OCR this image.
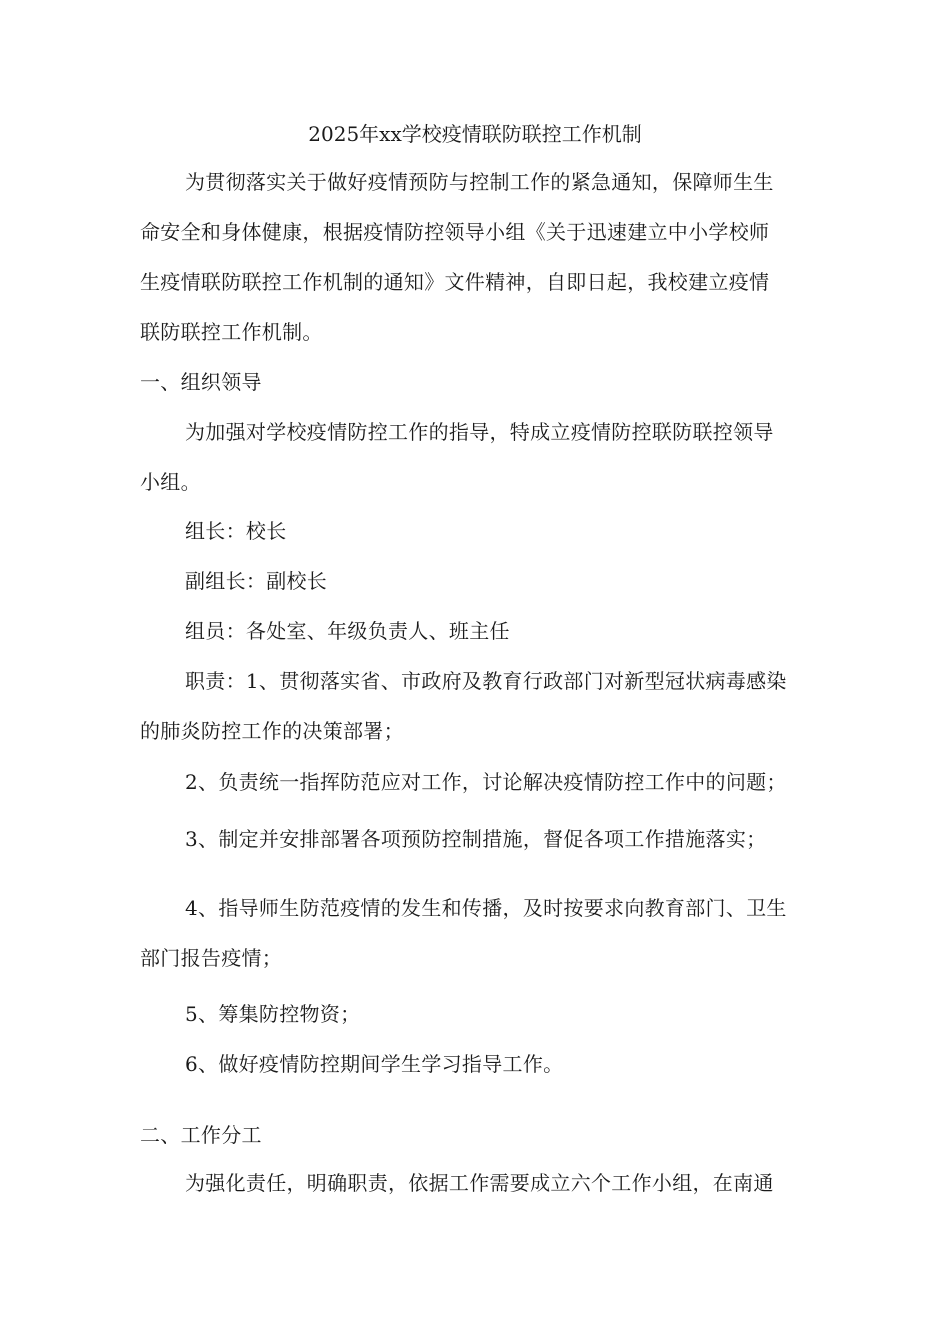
2025年xx学校疫情联防联控工作机制
为贯彻落实关于做好疫情预防与控制工作的紧急通知，保障师生生
命安全和身体健康，根据疫情防控领导小组《关于迅速建立中小学校师
生疫情联防联控工作机制的通知》文件精神，自即日起，我校建立疫情
联防联控工作机制。
一、组织领导
为加强对学校疫情防控工作的指导，特成立疫情防控联防联控领导
小组。
组长：校长
副组长：副校长
组员：各处室、年级负责人、班主任
职责：1、贯彻落实省、市政府及教育行政部门对新型冠状病毒感染
的肺炎防控工作的决策部署；
2、负责统一指挥防范应对工作，讨论解决疫情防控工作中的问题；
3、制定并安排部署各项预防控制措施，督促各项工作措施落实；
4、指导师生防范疫情的发生和传播，及时按要求向教育部门、卫生
部门报告疫情；
5、筹集防控物资；
6、做好疫情防控期间学生学习指导工作。
二、工作分工
为强化责任，明确职责，依据工作需要成立六个工作小组，在南通
